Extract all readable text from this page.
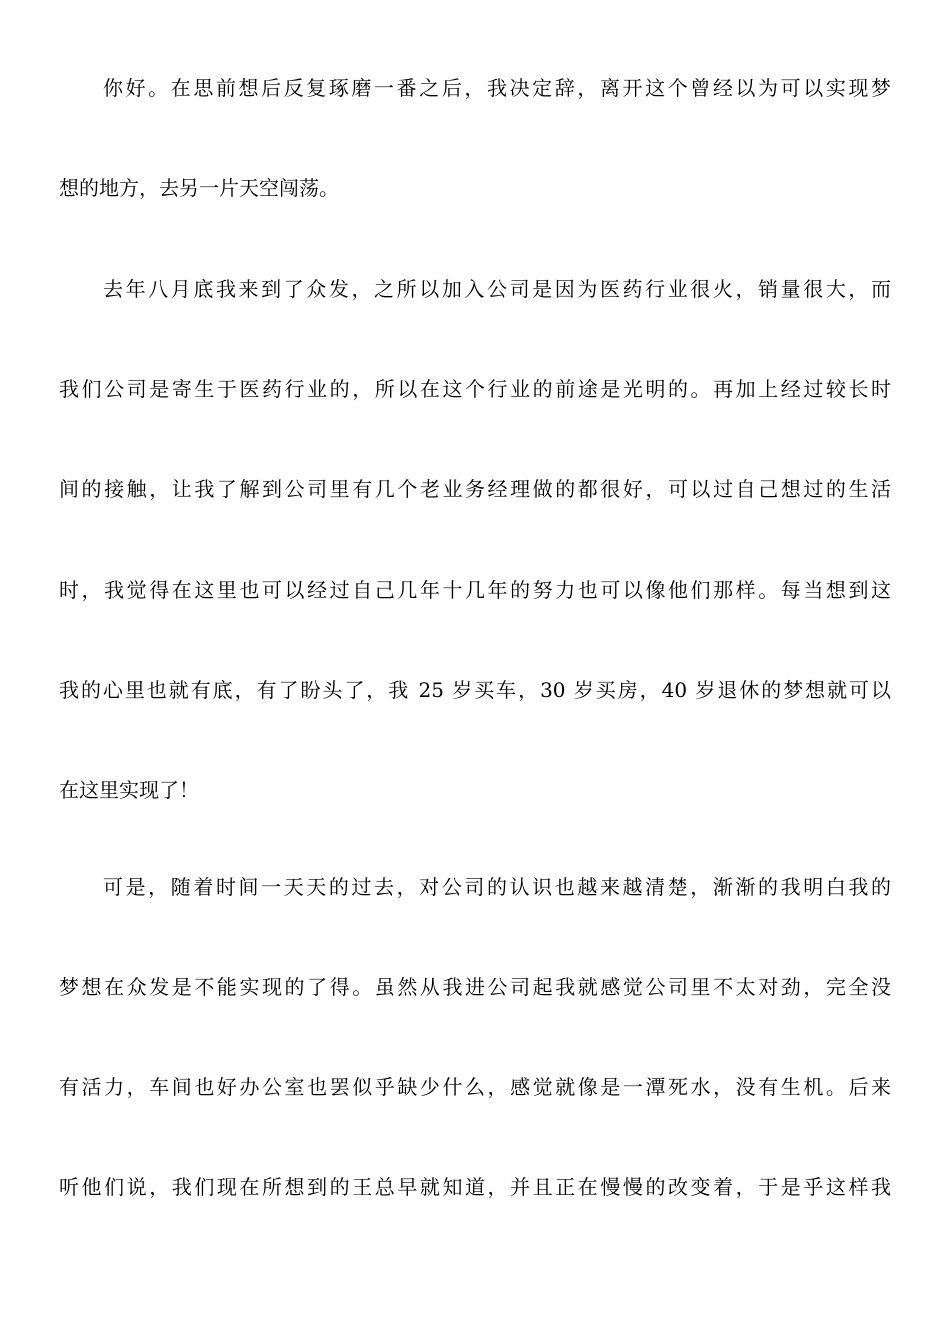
你好。在思前想后反复琢磨一番之后，我决定辞，离开这个曾经以为可以实现梦
想的地方，去另一片天空闯荡。
去年八月底我来到了众发，之所以加入公司是因为医药行业很火，销量很大，而
我们公司是寄生于医药行业的，所以在这个行业的前途是光明的。再加上经过较长时
间的接触，让我了解到公司里有几个老业务经理做的都很好，可以过自己想过的生活
时，我觉得在这里也可以经过自己几年十几年的努力也可以像他们那样。每当想到这
我的心里也就有底，有了盼头了，我 25 岁买车，30 岁买房，40 岁退休的梦想就可以
在这里实现了！
可是，随着时间一天天的过去，对公司的认识也越来越清楚，渐渐的我明白我的
梦想在众发是不能实现的了得。虽然从我进公司起我就感觉公司里不太对劲，完全没
有活力，车间也好办公室也罢似乎缺少什么，感觉就像是一潭死水，没有生机。后来
听他们说，我们现在所想到的王总早就知道，并且正在慢慢的改变着，于是乎这样我
